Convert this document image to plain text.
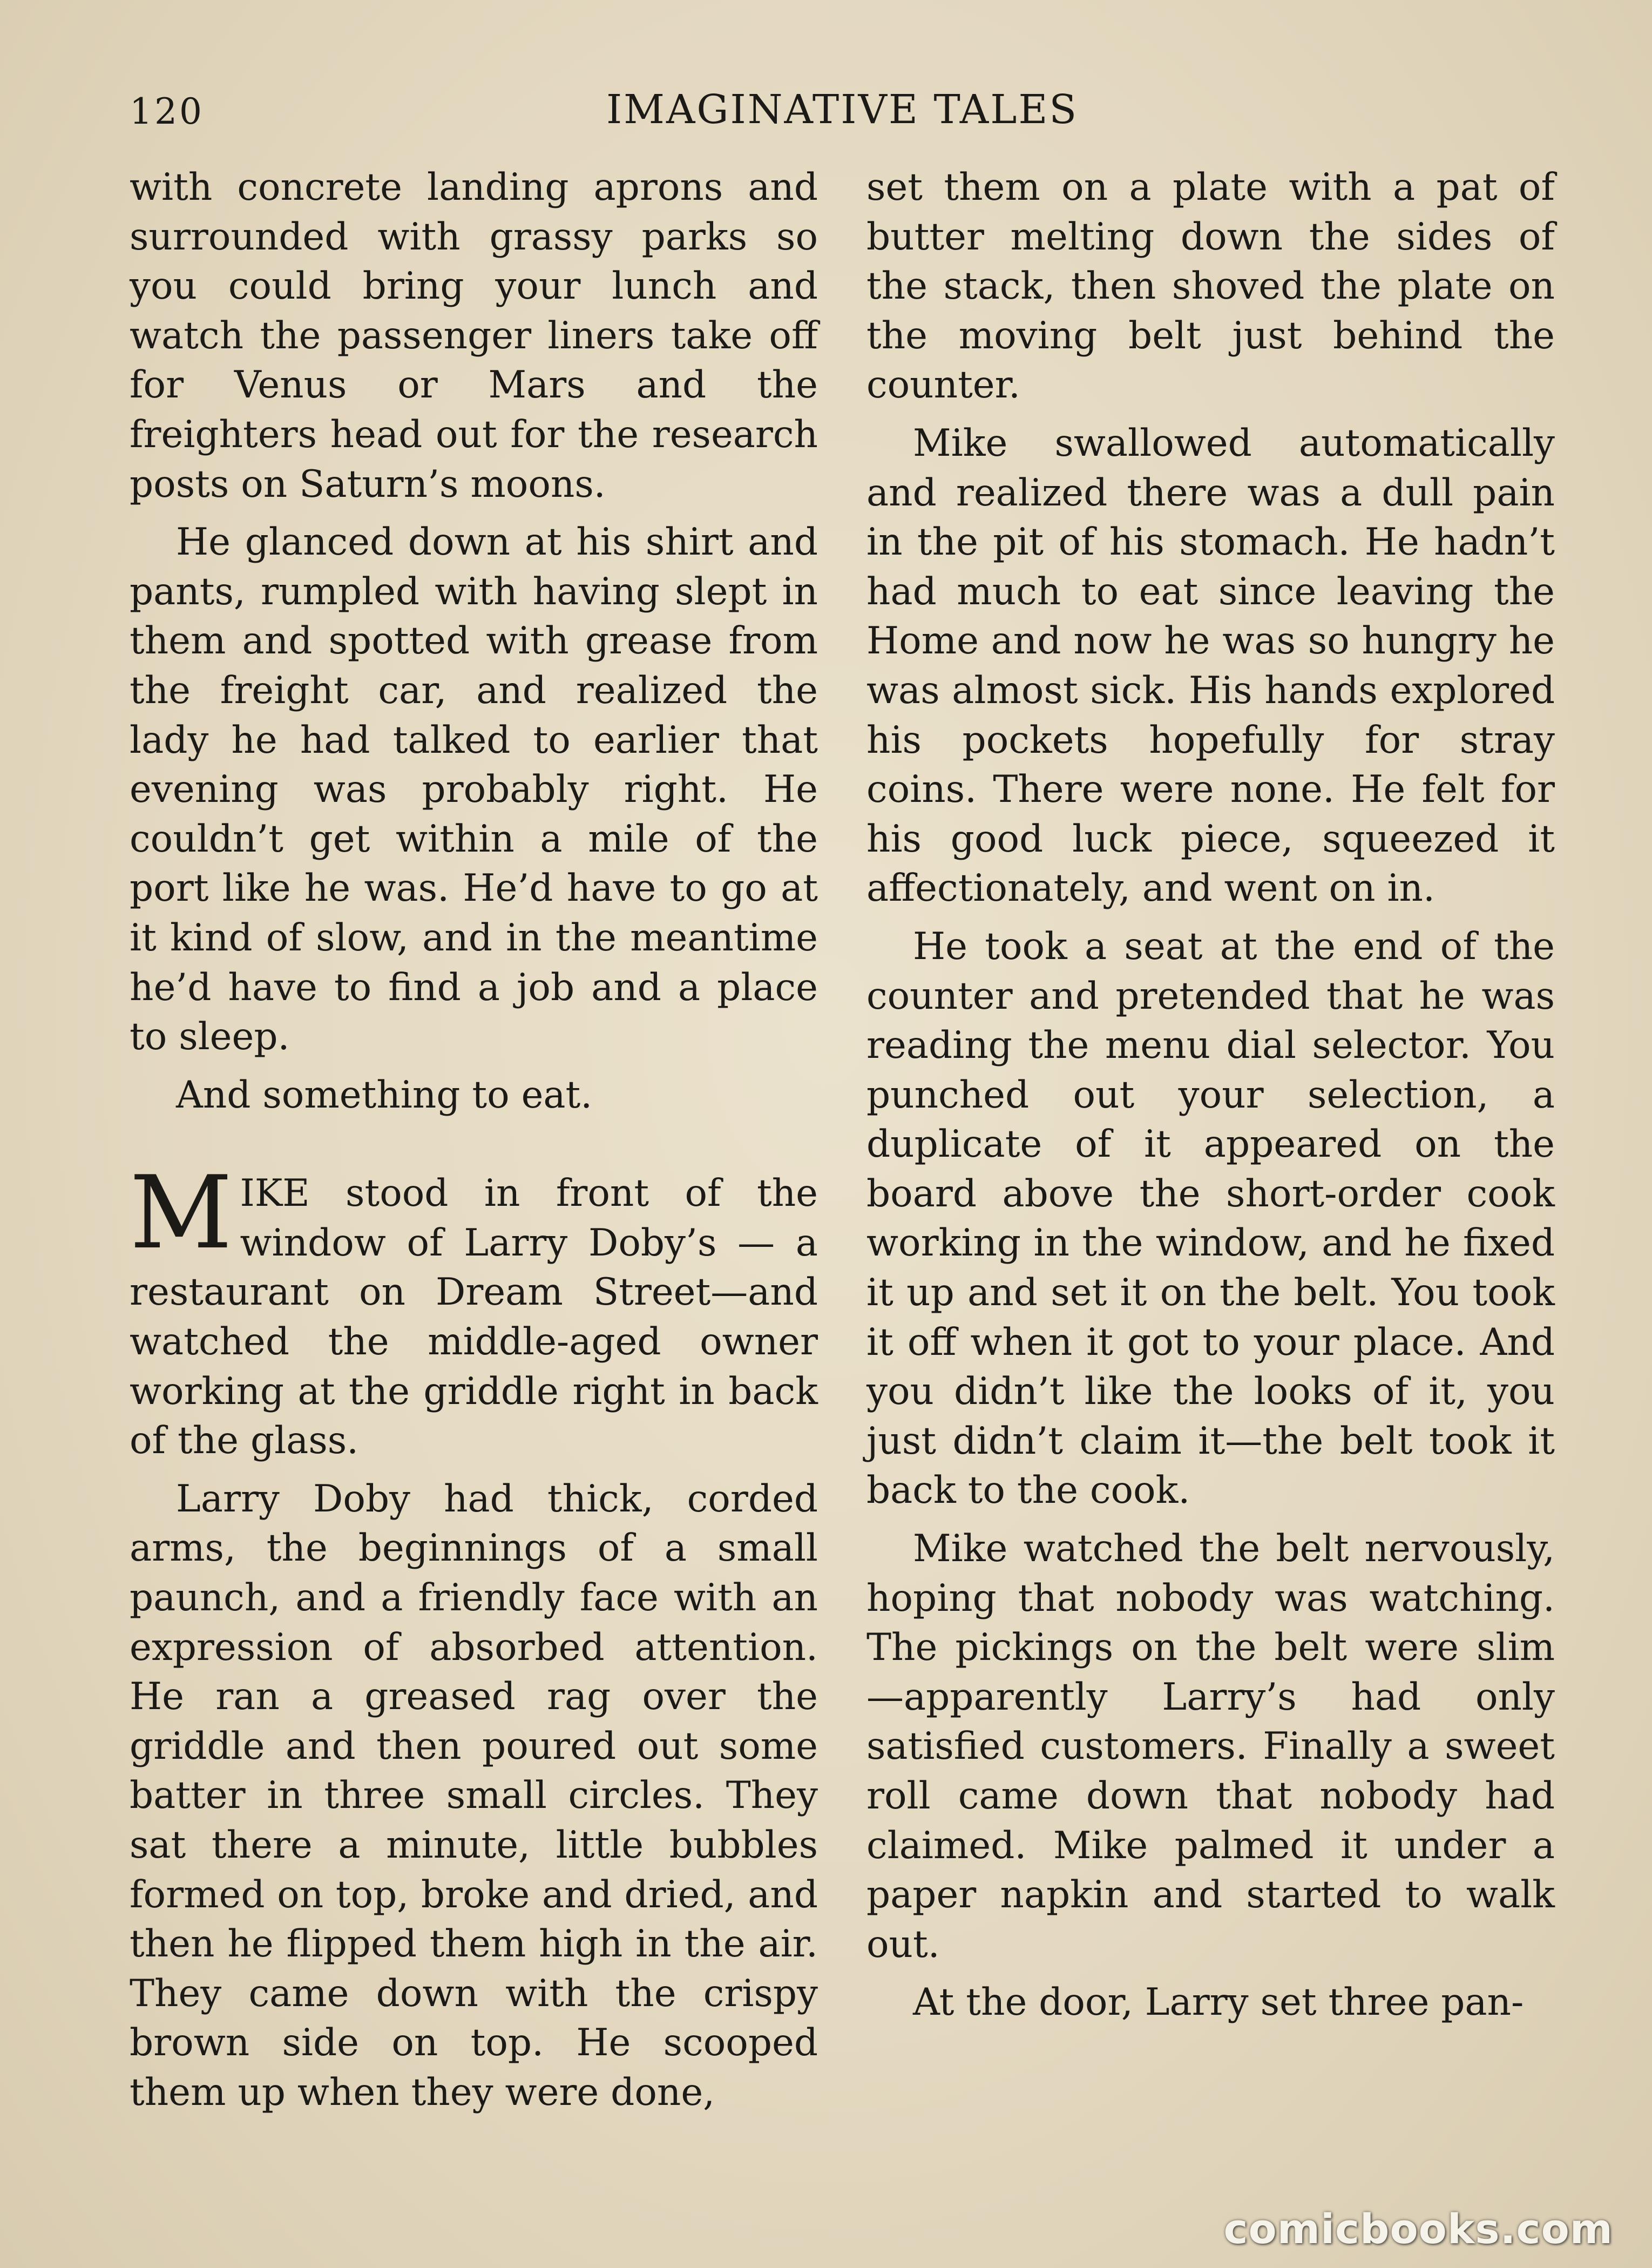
120	IMAGINATIVE TALES

with concrete landing aprons and surrounded with grassy parks so you could bring your lunch and watch the passenger liners take off for Venus or Mars and the freighters head out for the research posts on Saturn’s moons.

He glanced down at his shirt and pants, rumpled with having slept in them and spotted with grease from the freight car, and realized the lady he had talked to earlier that evening was probably right. He couldn’t get within a mile of the port like he was. He’d have to go at it kind of slow, and in the meantime he’d have to find a job and a place to sleep.

And something to eat.

MIKE stood in front of the window of Larry Doby’s — a restaurant on Dream Street—and watched the middle-aged owner working at the griddle right in back of the glass.

Larry Doby had thick, corded arms, the beginnings of a small paunch, and a friendly face with an expression of absorbed attention. He ran a greased rag over the griddle and then poured out some batter in three small circles. They sat there a minute, little bubbles formed on top, broke and dried, and then he flipped them high in the air. They came down with the crispy brown side on top. He scooped them up when they were done,

set them on a plate with a pat of butter melting down the sides of the stack, then shoved the plate on the moving belt just behind the counter.

Mike swallowed automatically and realized there was a dull pain in the pit of his stomach. He hadn’t had much to eat since leaving the Home and now he was so hungry he was almost sick. His hands explored his pockets hopefully for stray coins. There were none. He felt for his good luck piece, squeezed it affectionately, and went on in.

He took a seat at the end of the counter and pretended that he was reading the menu dial selector. You punched out your selection, a duplicate of it appeared on the board above the short-order cook working in the window, and he fixed it up and set it on the belt. You took it off when it got to your place. And you didn’t like the looks of it, you just didn’t claim it—the belt took it back to the cook.

Mike watched the belt nervously, hoping that nobody was watching. The pickings on the belt were slim —apparently Larry’s had only satisfied customers. Finally a sweet roll came down that nobody had claimed. Mike palmed it under a paper napkin and started to walk out.

At the door, Larry set three pan-

comicbooks.com
